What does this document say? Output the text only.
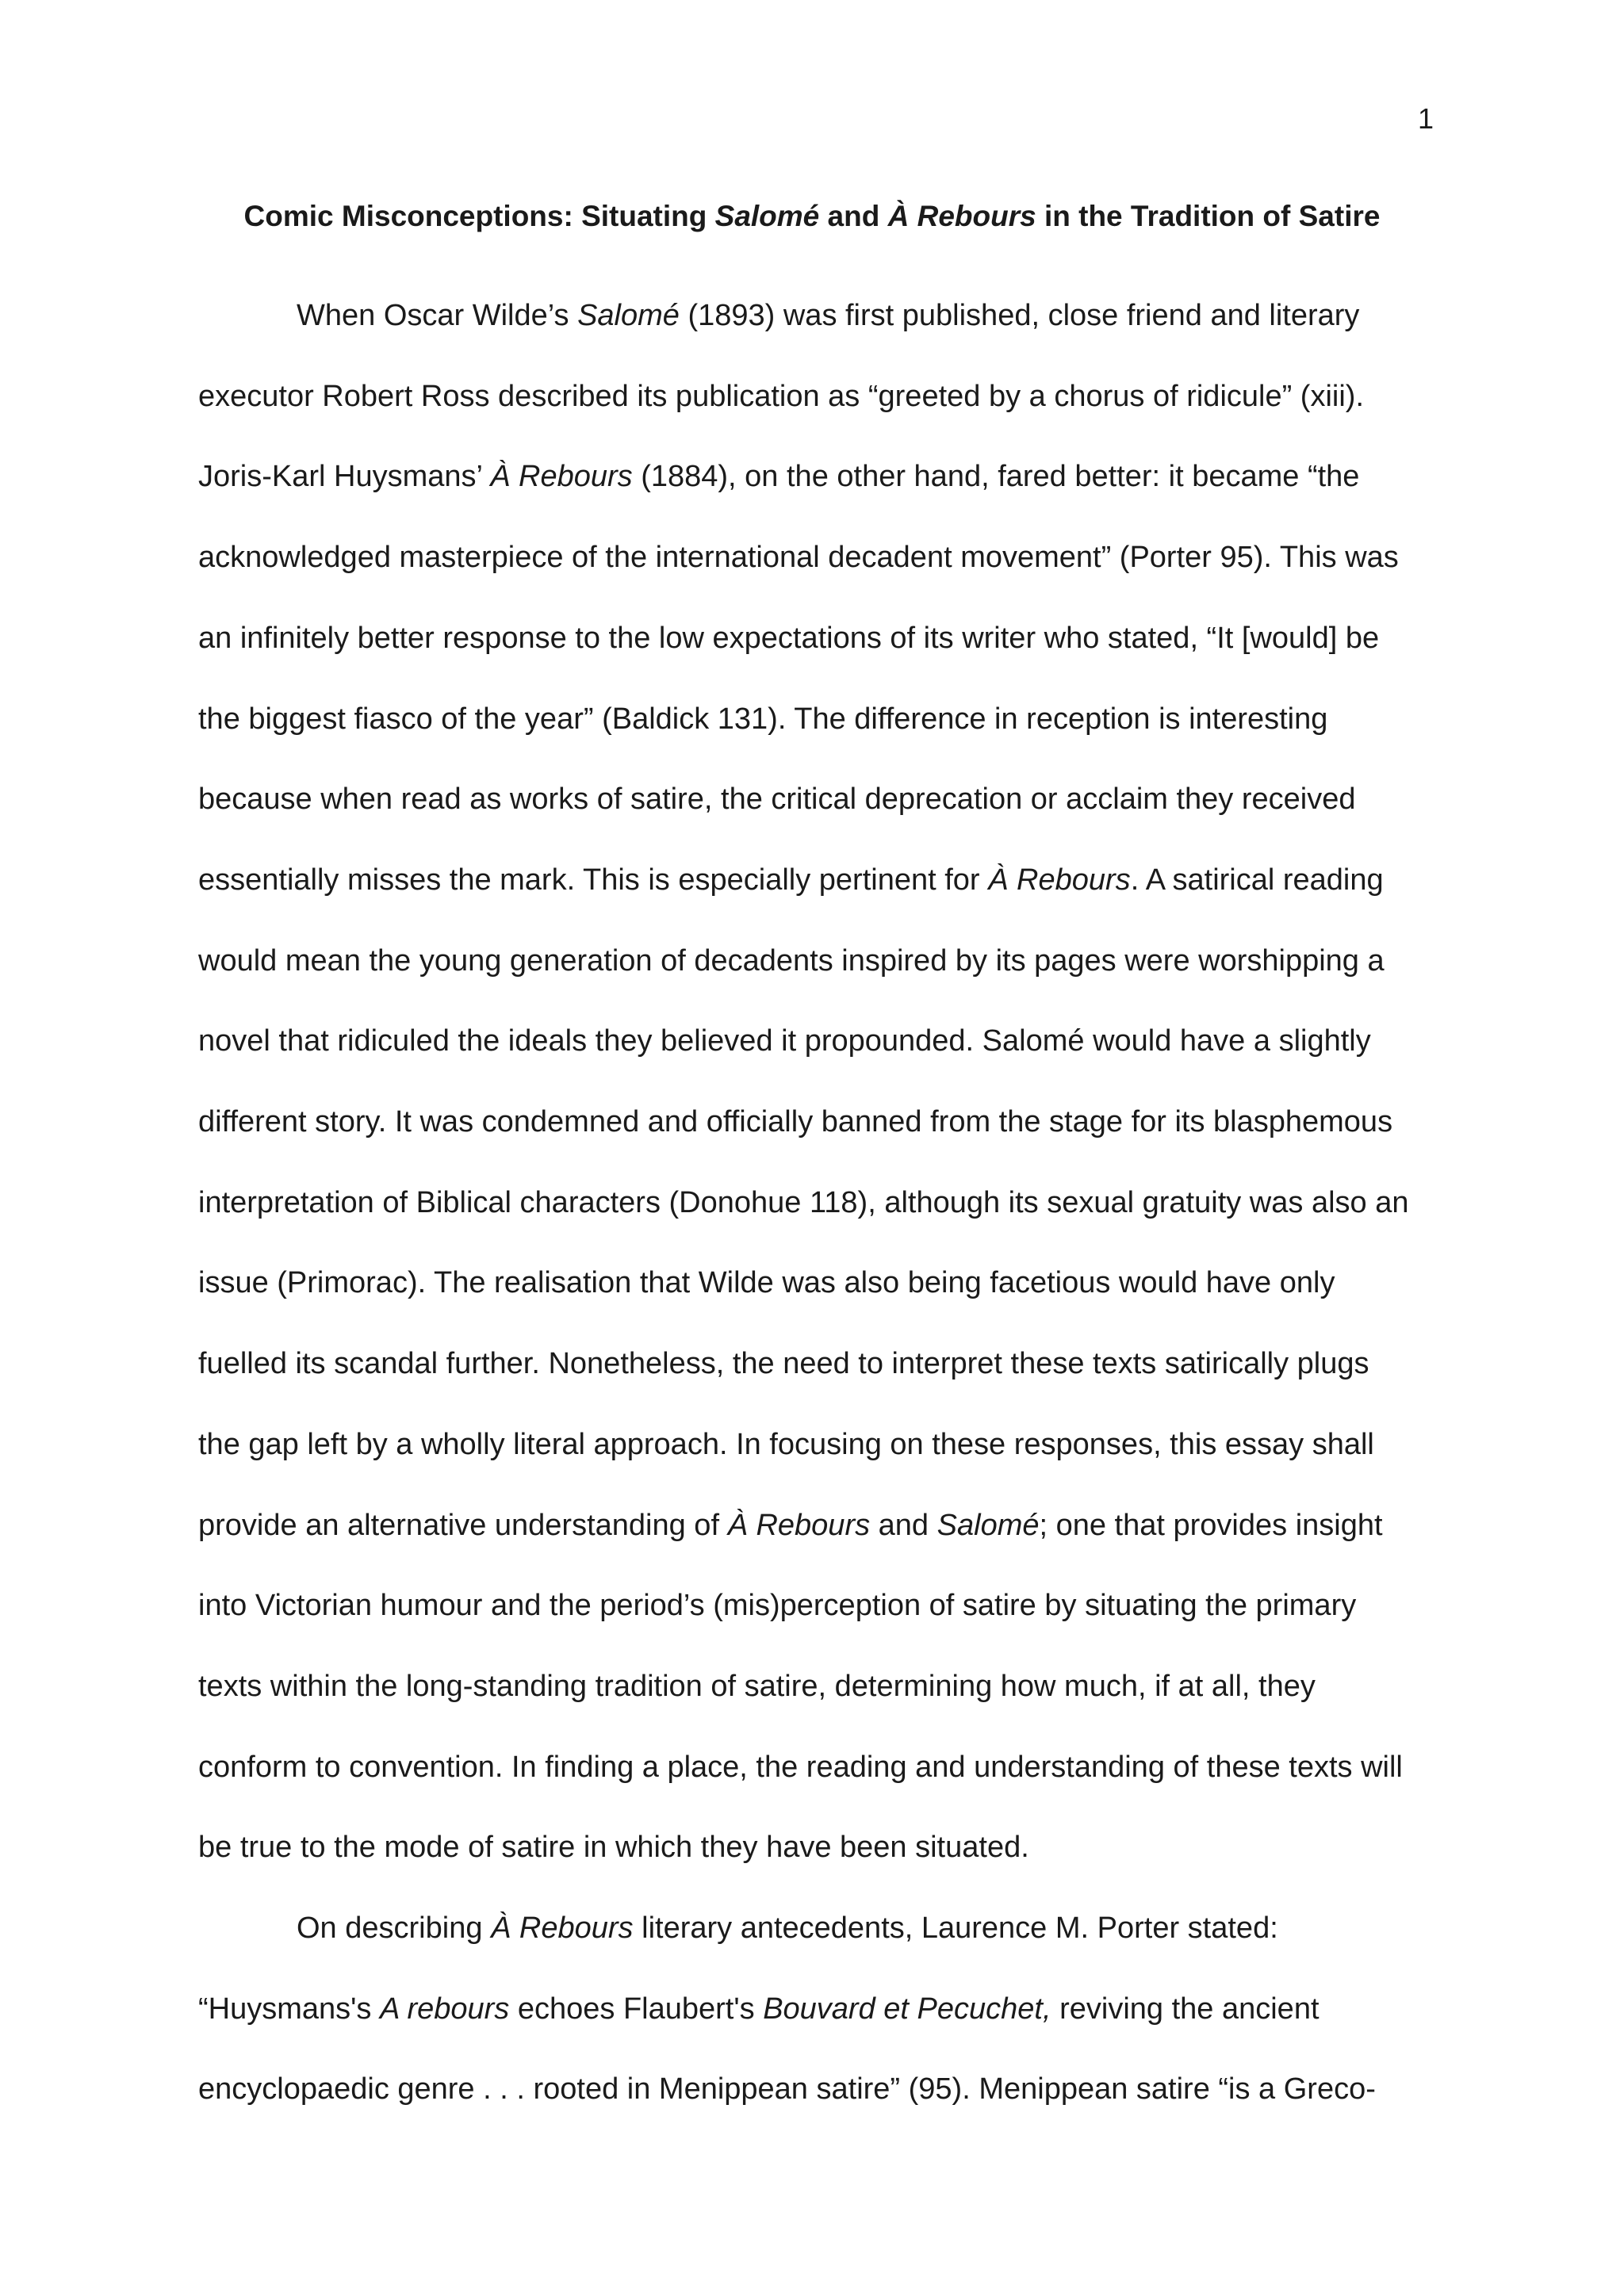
1
Comic Misconceptions: Situating Salomé and À Rebours in the Tradition of Satire
When Oscar Wilde’s Salomé (1893) was first published, close friend and literary
executor Robert Ross described its publication as “greeted by a chorus of ridicule” (xiii).
Joris-Karl Huysmans’ À Rebours (1884), on the other hand, fared better: it became “the
acknowledged masterpiece of the international decadent movement” (Porter 95). This was
an infinitely better response to the low expectations of its writer who stated, “It [would] be
the biggest fiasco of the year” (Baldick 131). The difference in reception is interesting
because when read as works of satire, the critical deprecation or acclaim they received
essentially misses the mark. This is especially pertinent for À Rebours. A satirical reading
would mean the young generation of decadents inspired by its pages were worshipping a
novel that ridiculed the ideals they believed it propounded. Salomé would have a slightly
different story. It was condemned and officially banned from the stage for its blasphemous
interpretation of Biblical characters (Donohue 118), although its sexual gratuity was also an
issue (Primorac). The realisation that Wilde was also being facetious would have only
fuelled its scandal further. Nonetheless, the need to interpret these texts satirically plugs
the gap left by a wholly literal approach. In focusing on these responses, this essay shall
provide an alternative understanding of À Rebours and Salomé; one that provides insight
into Victorian humour and the period’s (mis)perception of satire by situating the primary
texts within the long-standing tradition of satire, determining how much, if at all, they
conform to convention. In finding a place, the reading and understanding of these texts will
be true to the mode of satire in which they have been situated.
On describing À Rebours literary antecedents, Laurence M. Porter stated:
“Huysmans's A rebours echoes Flaubert's Bouvard et Pecuchet, reviving the ancient
encyclopaedic genre . . . rooted in Menippean satire” (95). Menippean satire “is a Greco-
